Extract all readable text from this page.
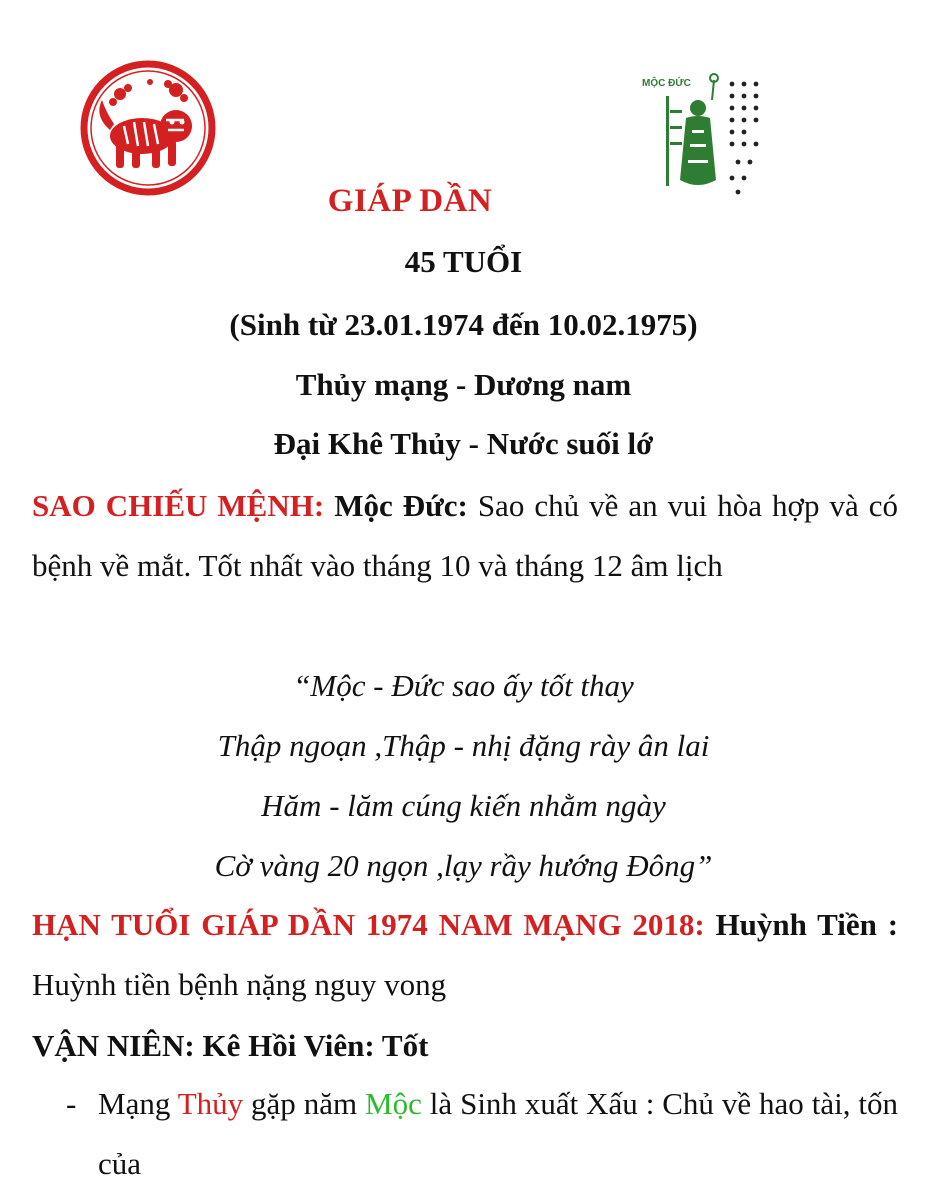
MỘC ĐỨC
GIÁP DẦN
45 TUỔI
(Sinh từ 23.01.1974 đến 10.02.1975)
Thủy mạng - Dương nam
Đại Khê Thủy - Nước suối lớ
SAO CHIẾU MỆNH: Mộc Đức: Sao chủ về an vui hòa hợp và có bệnh về mắt. Tốt nhất vào tháng 10 và tháng 12 âm lịch
“Mộc - Đức sao ấy tốt thay
Thập ngoạn ,Thập - nhị đặng rày ân lai
Hăm - lăm cúng kiến nhằm ngày
Cờ vàng 20 ngọn ,lạy rầy hướng Đông”
HẠN TUỔI GIÁP DẦN 1974 NAM MẠNG 2018: Huỳnh Tiền : Huỳnh tiền bệnh nặng nguy vong
VẬN NIÊN: Kê Hồi Viên: Tốt
- Mạng Thủy gặp năm Mộc là Sinh xuất Xấu : Chủ về hao tài, tốn của
